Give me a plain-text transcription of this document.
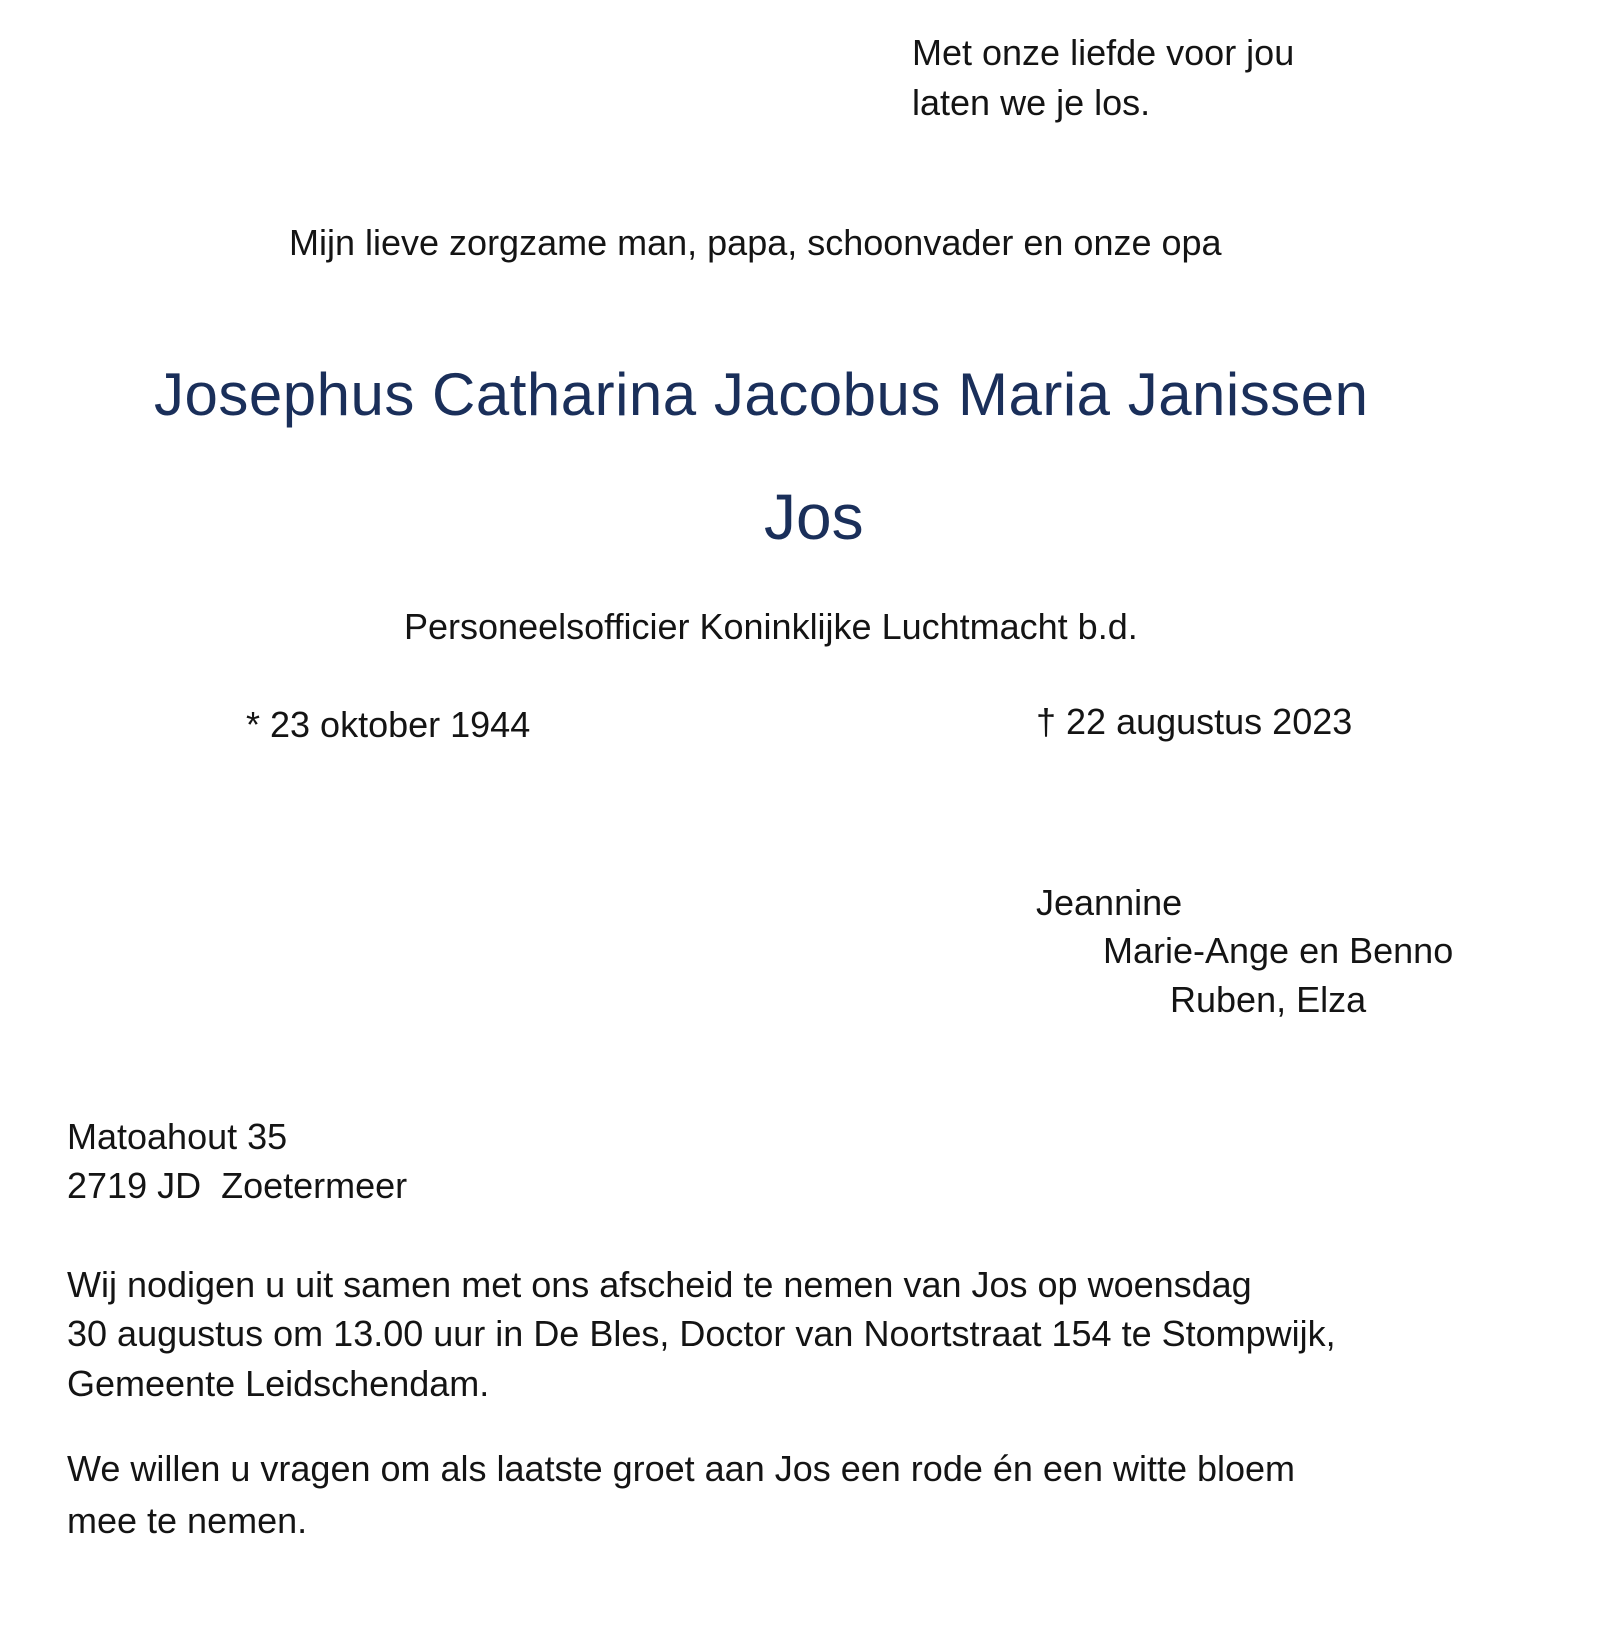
Met onze liefde voor jou
laten we je los.
Mijn lieve zorgzame man, papa, schoonvader en onze opa
Josephus Catharina Jacobus Maria Janissen
Jos
Personeelsofficier Koninklijke Luchtmacht b.d.
* 23 oktober 1944	† 22 augustus 2023
Jeannine
Marie-Ange en Benno
Ruben, Elza
Matoahout 35
2719 JD  Zoetermeer
Wij nodigen u uit samen met ons afscheid te nemen van Jos op woensdag
30 augustus om 13.00 uur in De Bles, Doctor van Noortstraat 154 te Stompwijk,
Gemeente Leidschendam.
We willen u vragen om als laatste groet aan Jos een rode én een witte bloem
mee te nemen.
